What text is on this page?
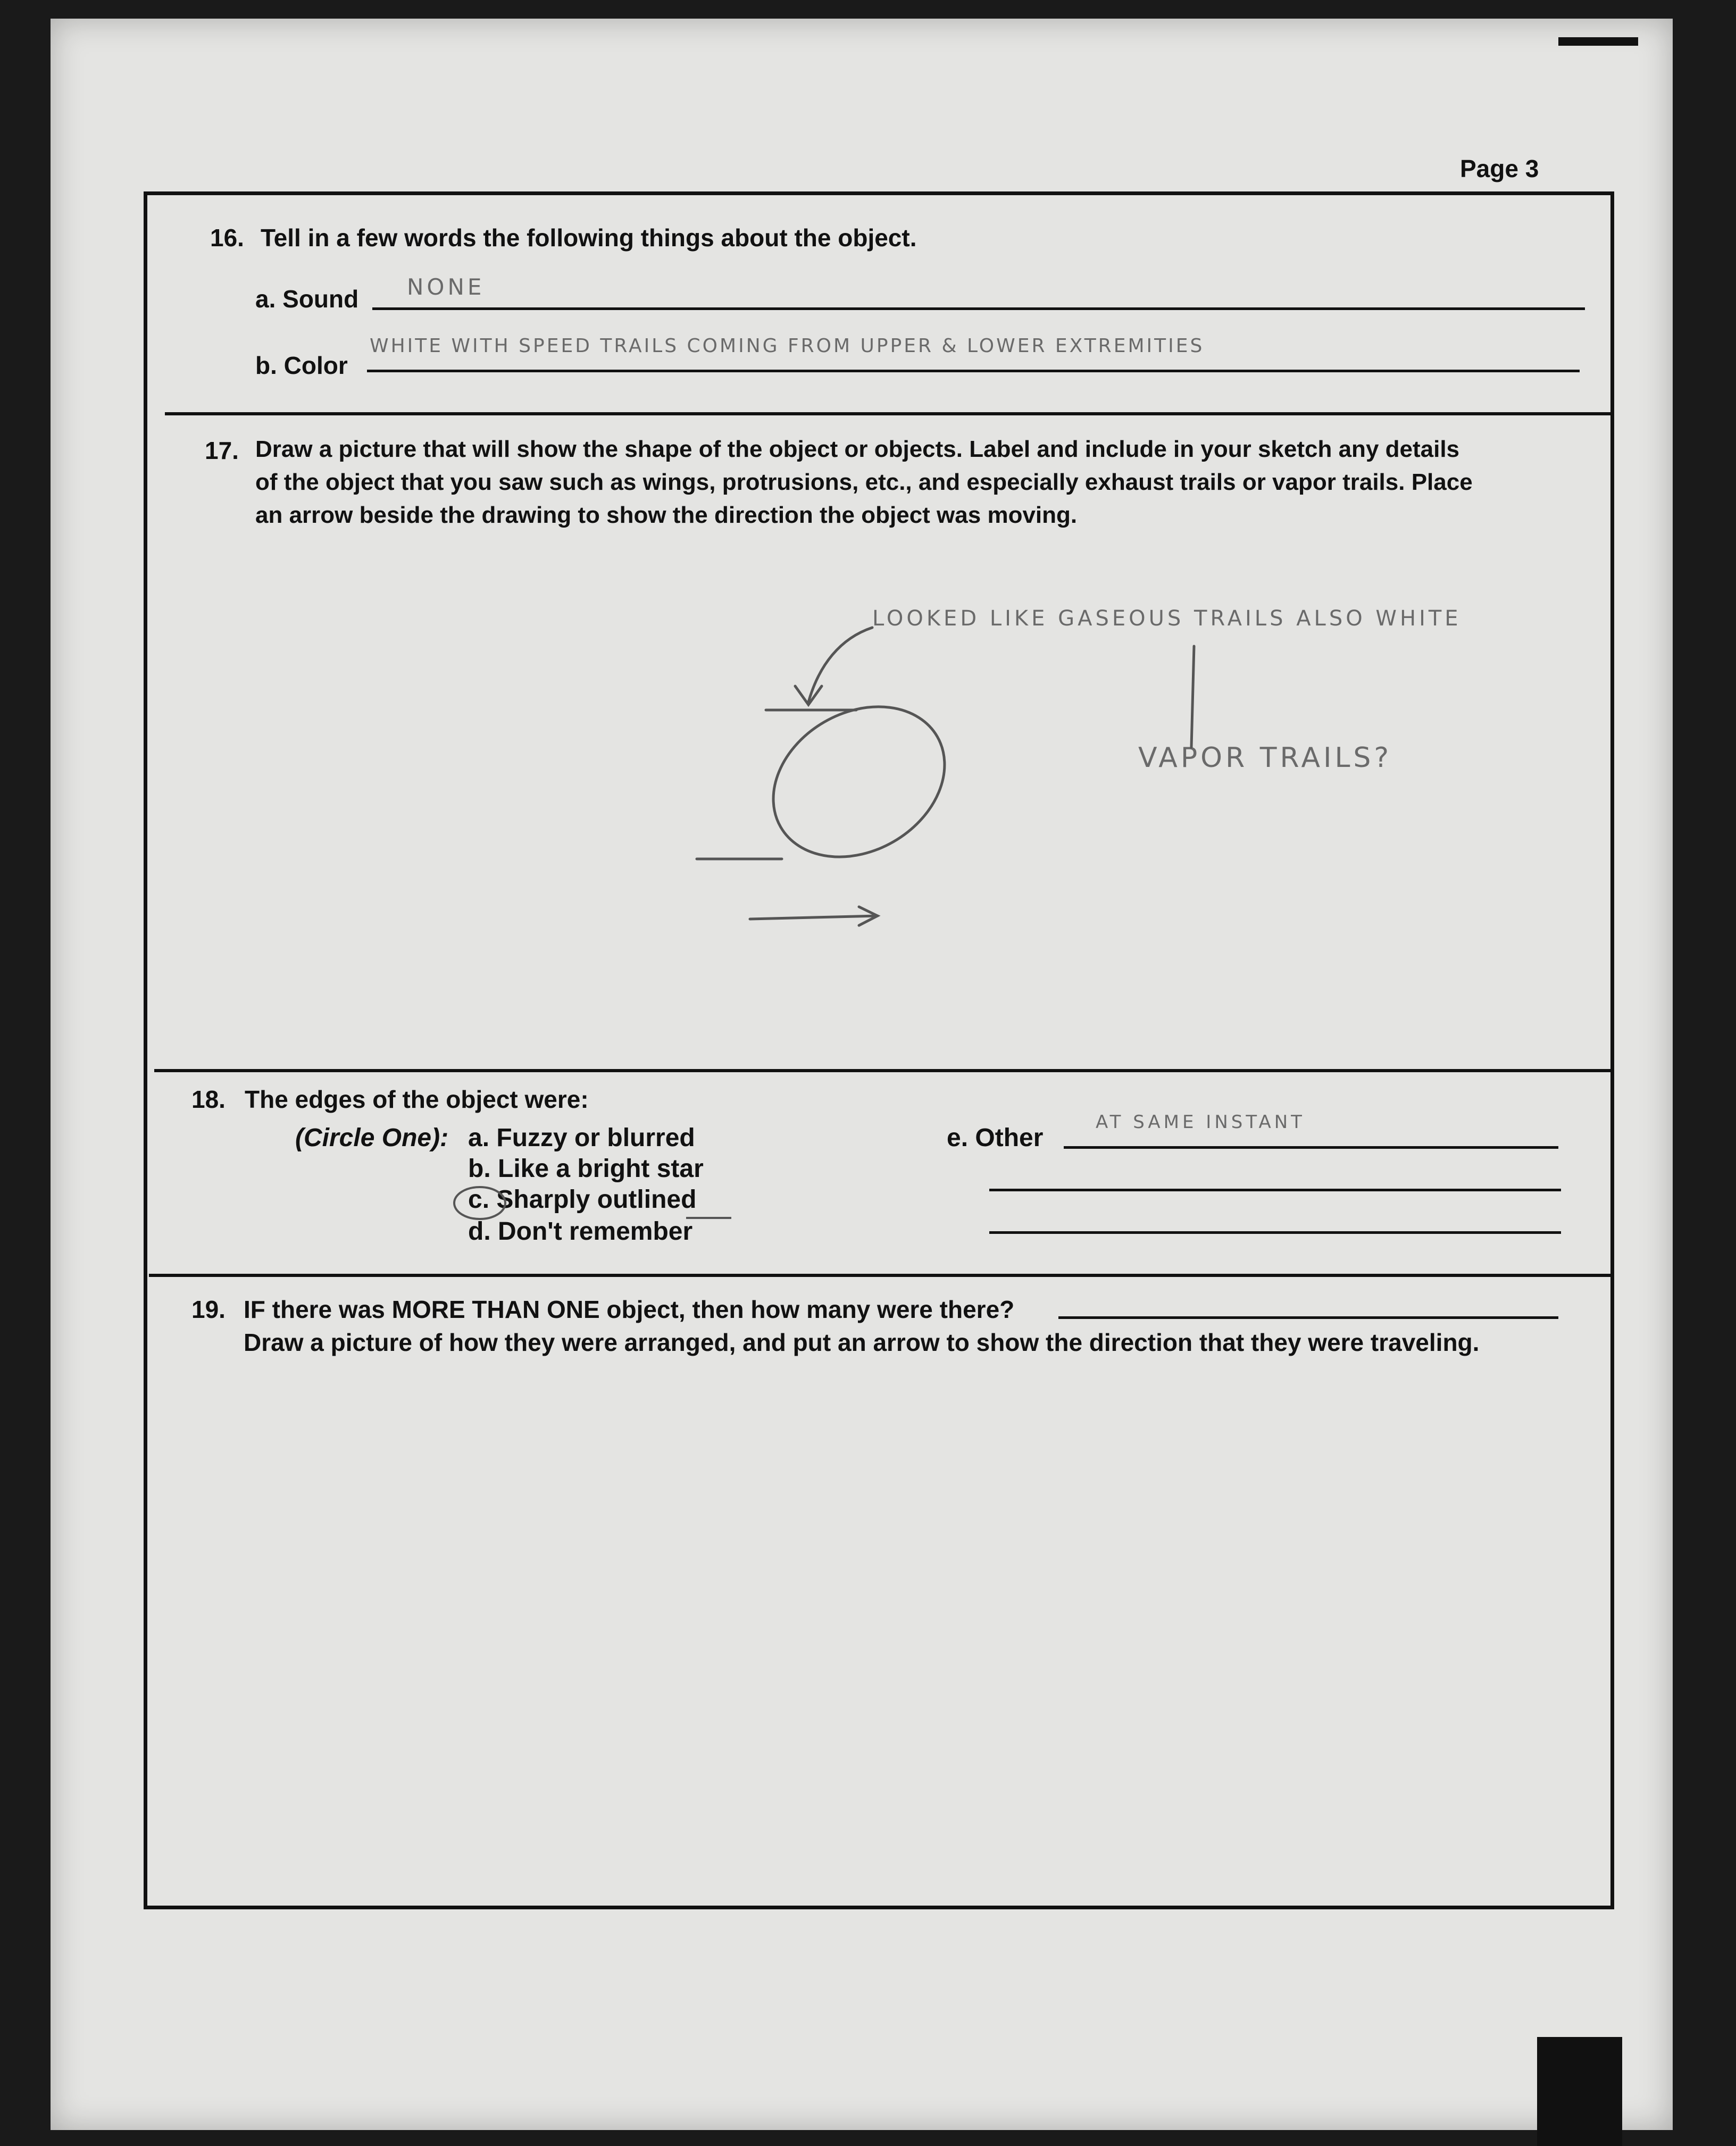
Page 3
16. Tell in a few words the following things about the object.
a. Sound NONE
b. Color
WHITE WITH SPEED TRAILS COMING FROM UPPER & LOWER EXTREMITIES
17. Draw a picture that will show the shape of the object or objects. Label and include in your sketch any details
of the object that you saw such as wings, protrusions, etc., and especially exhaust trails or vapor trails. Place
an arrow beside the drawing to show the direction the object was moving.
LOOKED LIKE GASEOUS TRAILS ALSO WHITE
VAPOR TRAILS?
18. The edges of the object were:
(Circle One): a. Fuzzy or blurred
b. Like a bright star
c. Sharply outlined
d. Don't remember
e. Other
AT SAME INSTANT
19. IF there was MORE THAN ONE object, then how many were there?
Draw a picture of how they were arranged, and put an arrow to show the direction that they were traveling.
